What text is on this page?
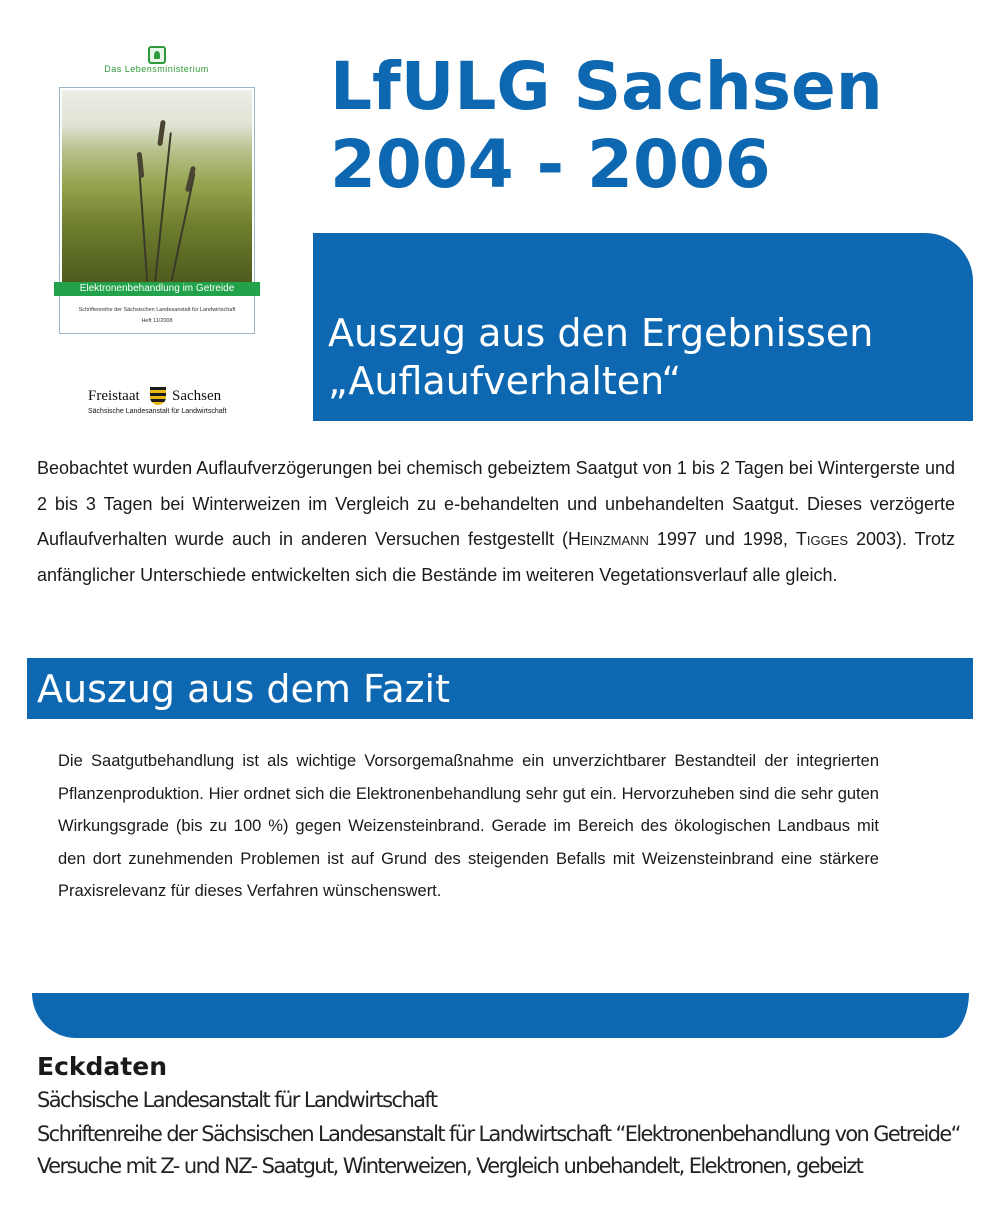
Das Lebensministerium
Elektronenbehandlung im Getreide
Schriftenreihe der Sächsischen Landesanstalt für Landwirtschaft
Heft 11/2008
Freistaat Sachsen
Sächsische Landesanstalt für Landwirtschaft
LfULG Sachsen
2004 - 2006
Auszug aus den Ergebnissen
„Auflaufverhalten“
Beobachtet wurden Auflaufverzögerungen bei chemisch gebeiztem Saatgut von 1 bis 2 Tagen bei Wintergerste und 2 bis 3 Tagen bei Winterweizen im Vergleich zu e-behandelten und unbehandelten Saatgut. Dieses verzögerte Auflaufverhalten wurde auch in anderen Versuchen festgestellt (Heinzmann 1997 und 1998, Tigges 2003). Trotz anfänglicher Unterschiede entwickelten sich die Bestände im weiteren Vegetationsverlauf alle gleich.
Auszug aus dem Fazit
Die Saatgutbehandlung ist als wichtige Vorsorgemaßnahme ein unverzichtbarer Bestandteil der integrierten Pflanzenproduktion. Hier ordnet sich die Elektronenbehandlung sehr gut ein. Hervorzuheben sind die sehr guten Wirkungsgrade (bis zu 100 %) gegen Weizensteinbrand. Gerade im Bereich des ökologischen Landbaus mit den dort zunehmenden Problemen ist auf Grund des steigenden Befalls mit Weizensteinbrand eine stärkere Praxisrelevanz für dieses Verfahren wünschenswert.
Eckdaten
Sächsische Landesanstalt für Landwirtschaft
Schriftenreihe der Sächsischen Landesanstalt für Landwirtschaft “Elektronenbehandlung von Getreide“
Versuche mit Z- und NZ- Saatgut, Winterweizen, Vergleich unbehandelt, Elektronen, gebeizt
